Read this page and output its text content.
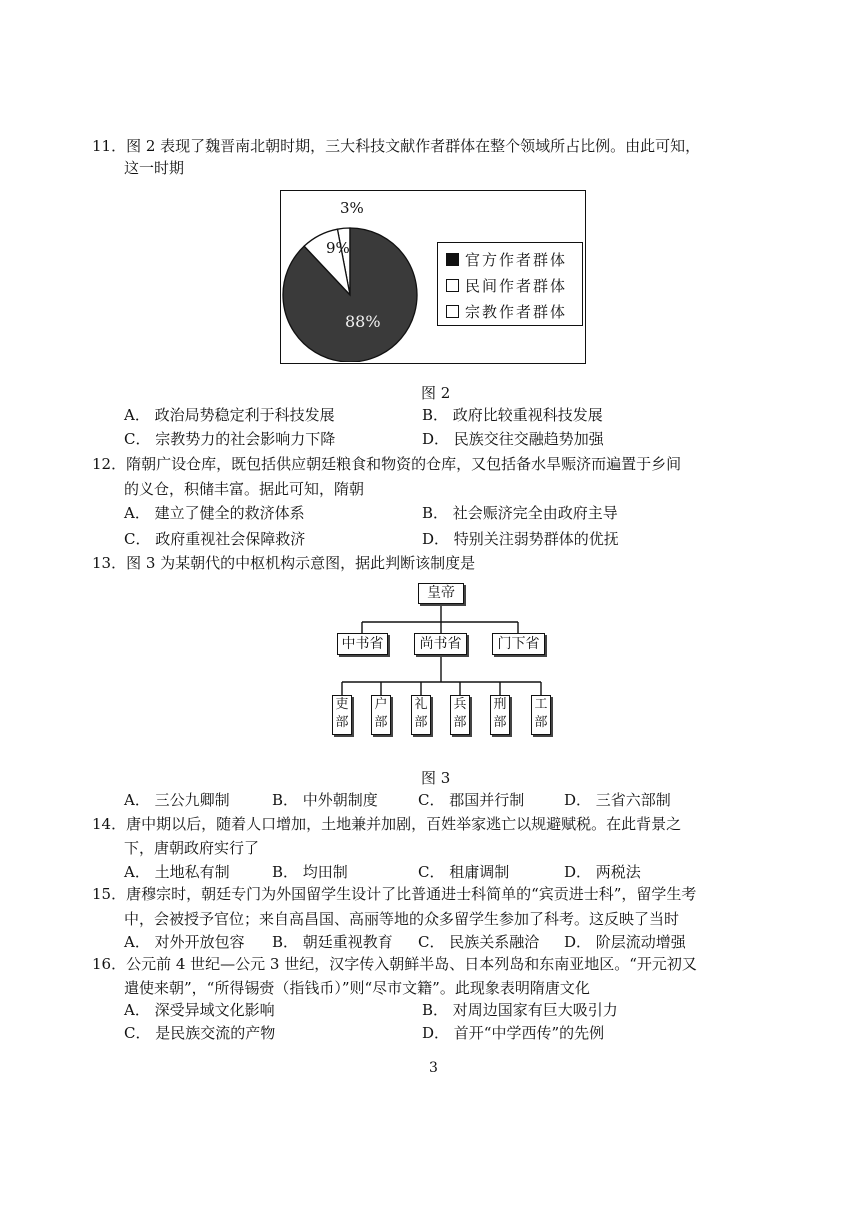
11．图 2 表现了魏晋南北朝时期，三大科技文献作者群体在整个领域所占比例。由此可知，
这一时期
3%
9%
88%
官方作者群体
民间作者群体
宗教作者群体
图 2
A． 政治局势稳定利于科技发展	B． 政府比较重视科技发展
C． 宗教势力的社会影响力下降	D． 民族交往交融趋势加强
12．隋朝广设仓库，既包括供应朝廷粮食和物资的仓库，又包括备水旱赈济而遍置于乡间
的义仓，积储丰富。据此可知，隋朝
A． 建立了健全的救济体系	B． 社会赈济完全由政府主导
C． 政府重视社会保障救济	D． 特别关注弱势群体的优抚
13．图 3 为某朝代的中枢机构示意图，据此判断该制度是
皇帝
中书省	尚书省	门下省
吏
部
户
部
礼
部
兵
部
刑
部
工
部
图 3
A． 三公九卿制	B． 中外朝制度	C． 郡国并行制	D． 三省六部制
14．唐中期以后，随着人口增加，土地兼并加剧，百姓举家逃亡以规避赋税。在此背景之
下，唐朝政府实行了
A． 土地私有制	B． 均田制	C． 租庸调制	D． 两税法
15．唐穆宗时，朝廷专门为外国留学生设计了比普通进士科简单的“宾贡进士科”，留学生考
中，会被授予官位；来自高昌国、高丽等地的众多留学生参加了科考。这反映了当时
A． 对外开放包容 B． 朝廷重视教育 C． 民族关系融洽 D． 阶层流动增强
16．公元前 4 世纪—公元 3 世纪，汉字传入朝鲜半岛、日本列岛和东南亚地区。“开元初又
遣使来朝”，“所得锡赍（指钱币）”则“尽市文籍”。此现象表明隋唐文化
A． 深受异域文化影响	B． 对周边国家有巨大吸引力
C． 是民族交流的产物	D． 首开“中学西传”的先例
3
